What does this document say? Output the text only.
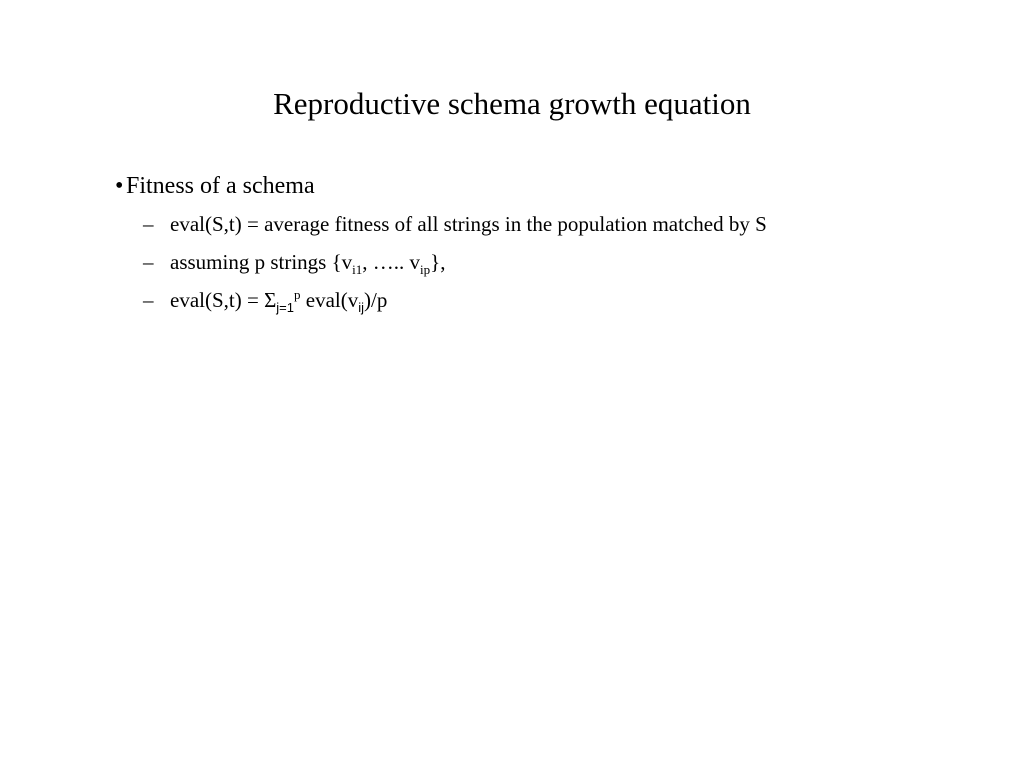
Reproductive schema growth equation
• Fitness of a schema
– eval(S,t) = average fitness of all strings in the population matched by S
– assuming p strings {$v_{i1}$, ….. $v_{ip}$},
– eval(S,t) = $\Sigma_{j=1}^p$ $eval(v_{ij})/p$
